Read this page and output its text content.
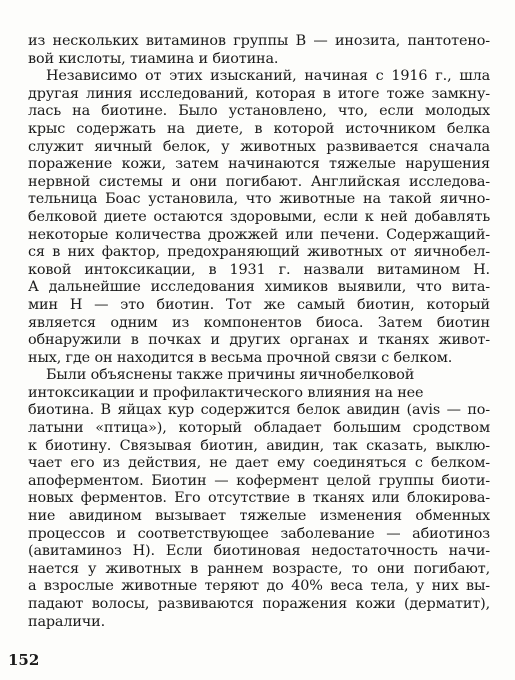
из нескольких витаминов группы В — инозита, пантотено-
вой кислоты, тиамина и биотина.
Независимо от этих изысканий, начиная с 1916 г., шла
другая линия исследований, которая в итоге тоже замкну-
лась на биотине. Было установлено, что, если молодых
крыс содержать на диете, в которой источником белка
служит яичный белок, у животных развивается сначала
поражение кожи, затем начинаются тяжелые нарушения
нервной системы и они погибают. Английская исследова-
тельница Боас установила, что животные на такой яично-
белковой диете остаются здоровыми, если к ней добавлять
некоторые количества дрожжей или печени. Содержащий-
ся в них фактор, предохраняющий животных от яичнобел-
ковой интоксикации, в 1931 г. назвали витамином Н.
А дальнейшие исследования химиков выявили, что вита-
мин Н — это биотин. Тот же самый биотин, который
является одним из компонентов биоса. Затем биотин
обнаружили в почках и других органах и тканях живот-
ных, где он находится в весьма прочной связи с белком.
Были объяснены также причины яичнобелковой
интоксикации и профилактического влияния на нее
биотина. В яйцах кур содержится белок авидин (avis — по-
латыни «птица»), который обладает большим сродством
к биотину. Связывая биотин, авидин, так сказать, выклю-
чает его из действия, не дает ему соединяться с белком-
апоферментом. Биотин — кофермент целой группы биоти-
новых ферментов. Его отсутствие в тканях или блокирова-
ние авидином вызывает тяжелые изменения обменных
процессов и соответствующее заболевание — абиотиноз
(авитаминоз Н). Если биотиновая недостаточность начи-
нается у животных в раннем возрасте, то они погибают,
а взрослые животные теряют до 40% веса тела, у них вы-
падают волосы, развиваются поражения кожи (дерматит),
параличи.
152
